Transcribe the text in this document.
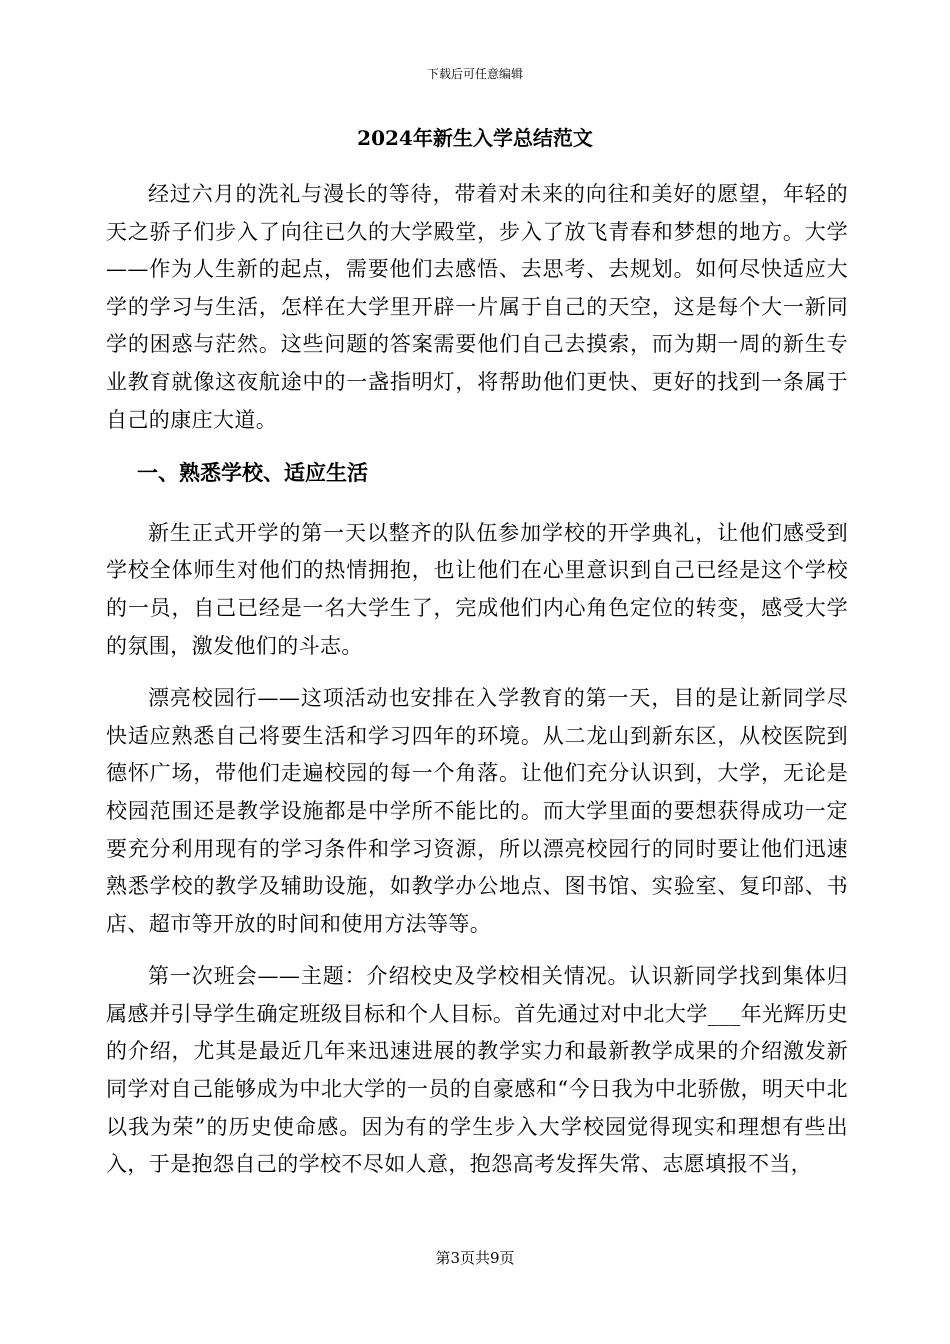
下载后可任意编辑
2024年新生入学总结范文

经过六月的洗礼与漫长的等待，带着对未来的向往和美好的愿望，年轻的天之骄子们步入了向往已久的大学殿堂，步入了放飞青春和梦想的地方。大学——作为人生新的起点，需要他们去感悟、去思考、去规划。如何尽快适应大学的学习与生活，怎样在大学里开辟一片属于自己的天空，这是每个大一新同学的困惑与茫然。这些问题的答案需要他们自己去摸索，而为期一周的新生专业教育就像这夜航途中的一盏指明灯，将帮助他们更快、更好的找到一条属于自己的康庄大道。

一、熟悉学校、适应生活

新生正式开学的第一天以整齐的队伍参加学校的开学典礼，让他们感受到学校全体师生对他们的热情拥抱，也让他们在心里意识到自己已经是这个学校的一员，自己已经是一名大学生了，完成他们内心角色定位的转变，感受大学的氛围，激发他们的斗志。

漂亮校园行——这项活动也安排在入学教育的第一天，目的是让新同学尽快适应熟悉自己将要生活和学习四年的环境。从二龙山到新东区，从校医院到德怀广场，带他们走遍校园的每一个角落。让他们充分认识到，大学，无论是校园范围还是教学设施都是中学所不能比的。而大学里面的要想获得成功一定要充分利用现有的学习条件和学习资源，所以漂亮校园行的同时要让他们迅速熟悉学校的教学及辅助设施，如教学办公地点、图书馆、实验室、复印部、书店、超市等开放的时间和使用方法等等。

第一次班会——主题：介绍校史及学校相关情况。认识新同学找到集体归属感并引导学生确定班级目标和个人目标。首先通过对中北大学___年光辉历史的介绍，尤其是最近几年来迅速进展的教学实力和最新教学成果的介绍激发新同学对自己能够成为中北大学的一员的自豪感和“今日我为中北骄傲，明天中北以我为荣”的历史使命感。因为有的学生步入大学校园觉得现实和理想有些出入，于是抱怨自己的学校不尽如人意，抱怨高考发挥失常、志愿填报不当，

第3页共9页
